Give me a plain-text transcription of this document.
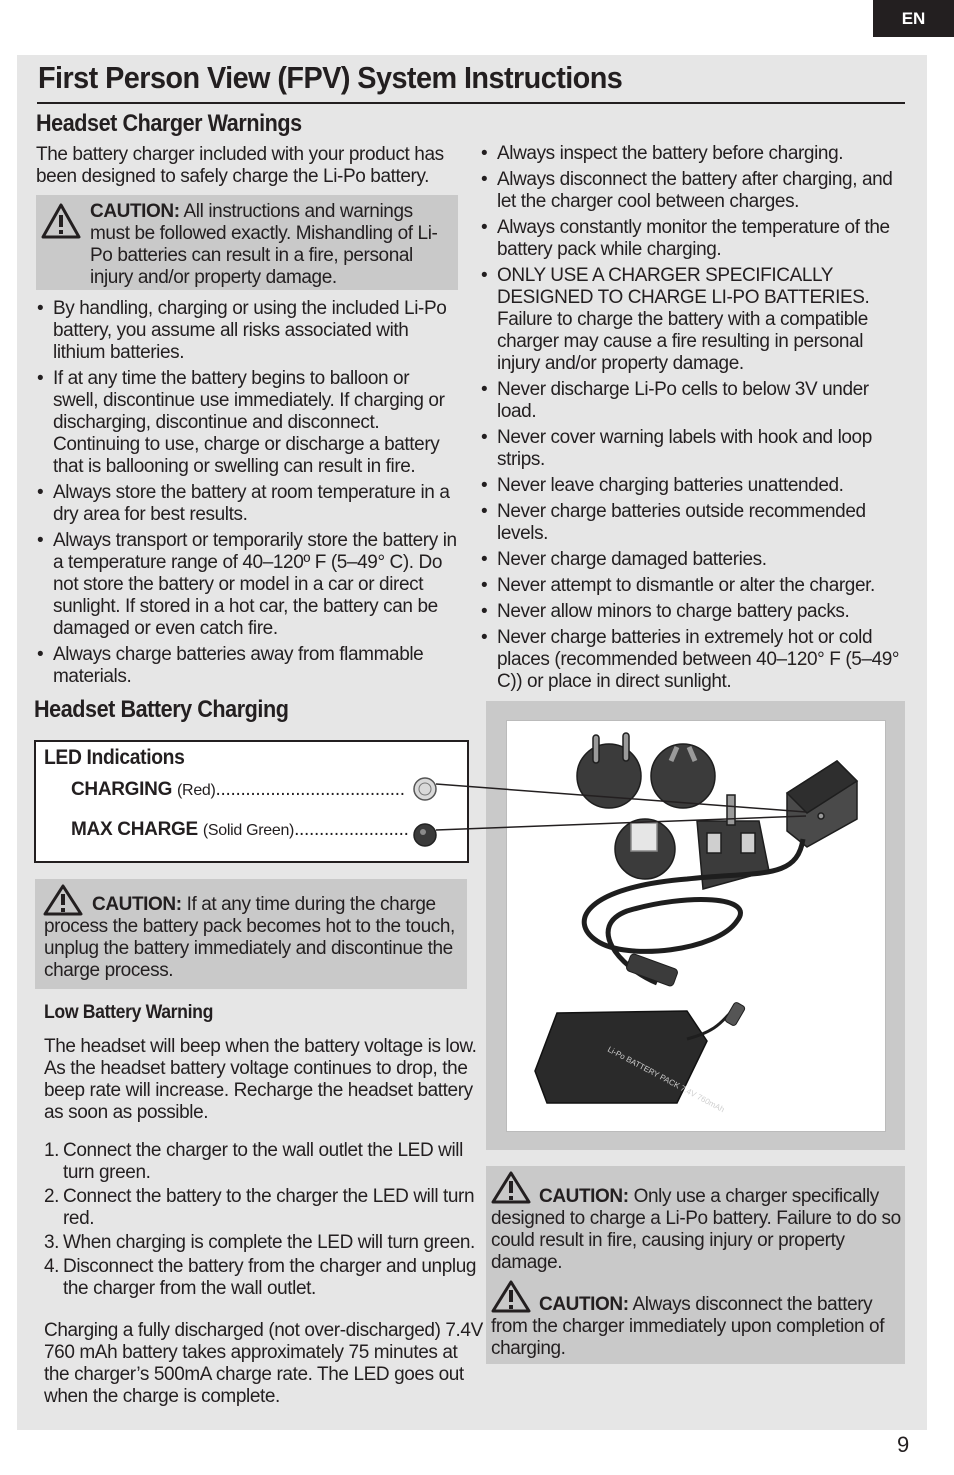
EN
First Person View (FPV) System Instructions
Headset Charger Warnings
The battery charger included with your product has been designed to safely charge the Li-Po battery.
CAUTION: All instructions and warnings must be followed exactly. Mishandling of Li-Po batteries can result in a fire, personal injury and/or property damage.
• By handling, charging or using the included Li-Po battery, you assume all risks associated with lithium batteries.
• If at any time the battery begins to balloon or swell, discontinue use immediately. If charging or discharging, discontinue and disconnect. Continuing to use, charge or discharge a battery that is ballooning or swelling can result in fire.
• Always store the battery at room temperature in a dry area for best results.
• Always transport or temporarily store the battery in a temperature range of 40–120º F (5–49° C). Do not store the battery or model in a car or direct sunlight. If stored in a hot car, the battery can be damaged or even catch fire.
• Always charge batteries away from flammable materials.
• Always inspect the battery before charging.
• Always disconnect the battery after charging, and let the charger cool between charges.
• Always constantly monitor the temperature of the battery pack while charging.
• ONLY USE A CHARGER SPECIFICALLY DESIGNED TO CHARGE LI-PO BATTERIES. Failure to charge the battery with a compatible charger may cause a fire resulting in personal injury and/or property damage.
• Never discharge Li-Po cells to below 3V under load.
• Never cover warning labels with hook and loop strips.
• Never leave charging batteries unattended.
• Never charge batteries outside recommended levels.
• Never charge damaged batteries.
• Never attempt to dismantle or alter the charger.
• Never allow minors to charge battery packs.
• Never charge batteries in extremely hot or cold places (recommended between 40–120° F (5–49° C)) or place in direct sunlight.
Headset Battery Charging
LED Indications
CHARGING (Red)......................................
MAX CHARGE (Solid Green).......................
CAUTION: If at any time during the charge process the battery pack becomes hot to the touch, unplug the battery immediately and discontinue the charge process.
Low Battery Warning
The headset will beep when the battery voltage is low. As the headset battery voltage continues to drop, the beep rate will increase. Recharge the headset battery as soon as possible.
1. Connect the charger to the wall outlet the LED will turn green.
2. Connect the battery to the charger the LED will turn red.
3. When charging is complete the LED will turn green.
4. Disconnect the battery from the charger and unplug the charger from the wall outlet.
Charging a fully discharged (not over-discharged) 7.4V 760 mAh battery takes approximately 75 minutes at the charger’s 500mA charge rate. The LED goes out when the charge is complete.
Li-Po BATTERY PACK 7.4V 760mAh
CAUTION: Only use a charger specifically designed to charge a Li-Po battery. Failure to do so could result in fire, causing injury or property damage.
CAUTION: Always disconnect the battery from the charger immediately upon completion of charging.
9
